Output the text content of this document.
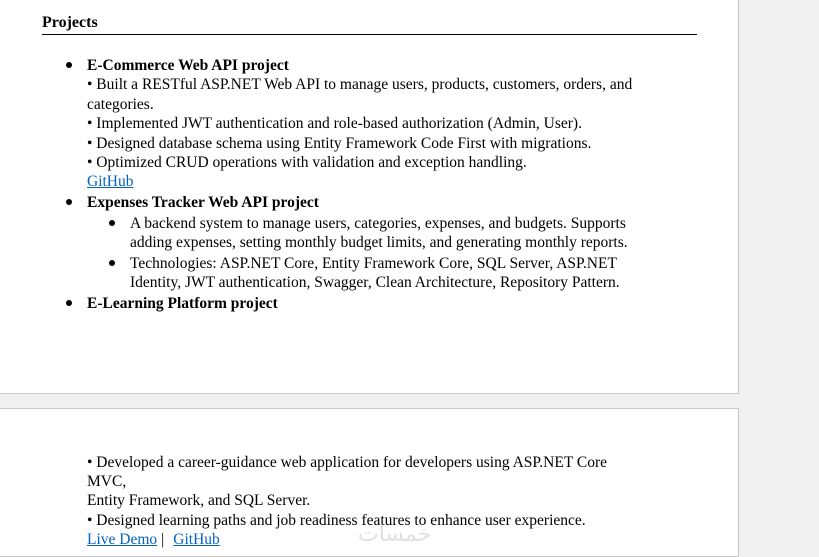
Projects
E-Commerce Web API project
• Built a RESTful ASP.NET Web API to manage users, products, customers, orders, and
categories.
• Implemented JWT authentication and role-based authorization (Admin, User).
• Designed database schema using Entity Framework Code First with migrations.
• Optimized CRUD operations with validation and exception handling.
GitHub
Expenses Tracker Web API project
A backend system to manage users, categories, expenses, and budgets. Supports
adding expenses, setting monthly budget limits, and generating monthly reports.
Technologies: ASP.NET Core, Entity Framework Core, SQL Server, ASP.NET
Identity, JWT authentication, Swagger, Clean Architecture, Repository Pattern.
E-Learning Platform project
• Developed a career-guidance web application for developers using ASP.NET Core
MVC,
Entity Framework, and SQL Server.
• Designed learning paths and job readiness features to enhance user experience.
Live Demo | GitHub	خمسات
